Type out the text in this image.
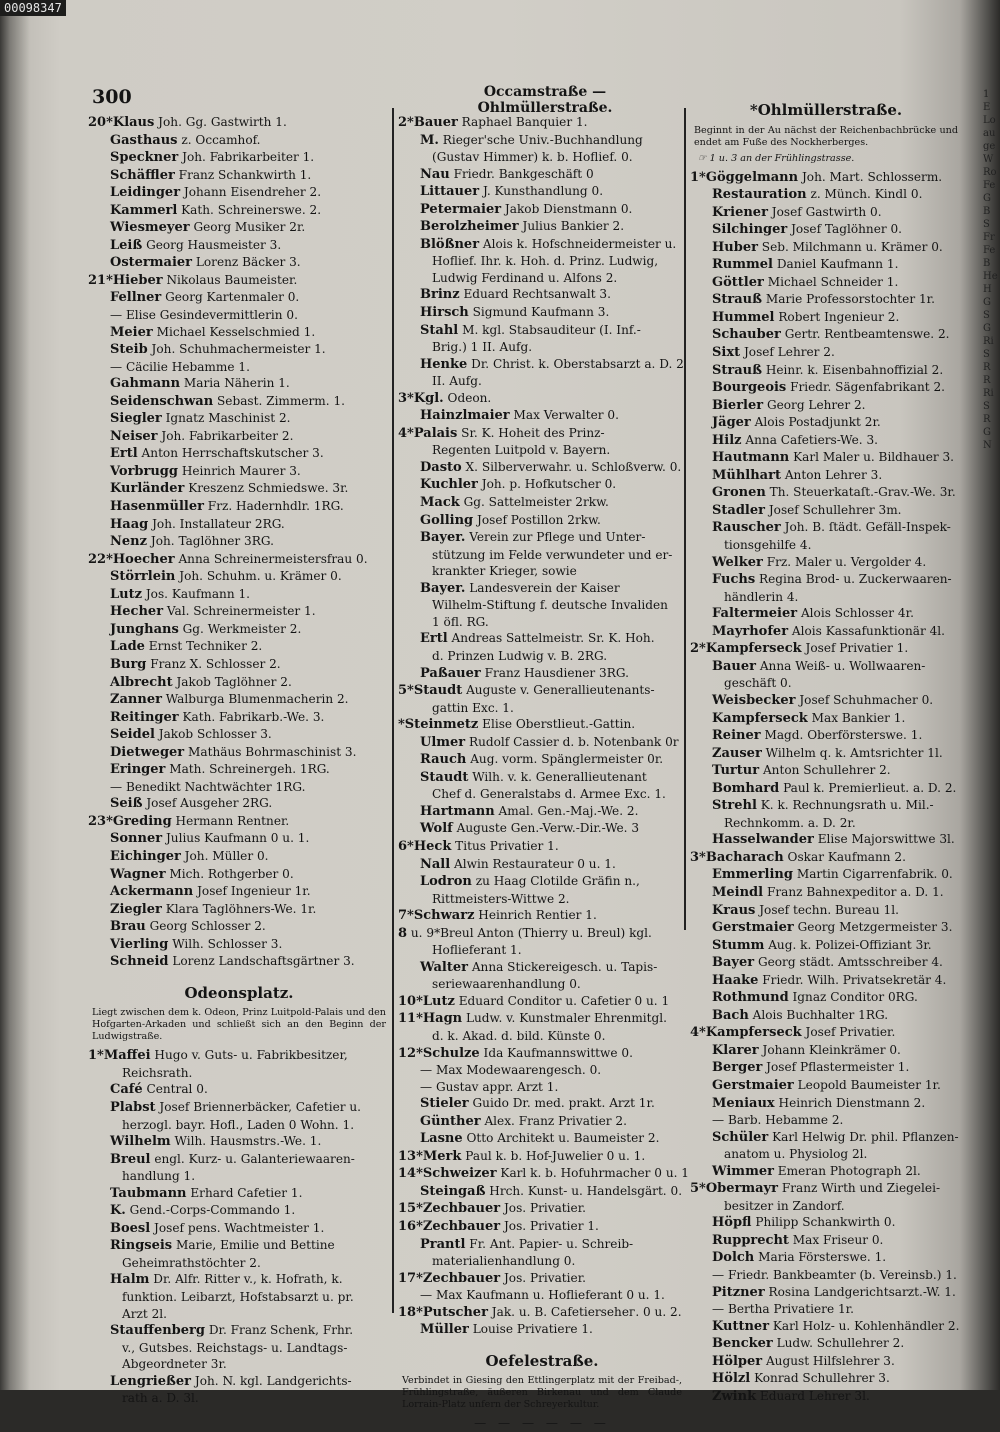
00098347
300	Occamstraße — Ohlmüllerstraße.
20*Klaus Joh. Gg. Gastwirth 1.
Gasthaus z. Occamhof.
Speckner Joh. Fabrikarbeiter 1.
Schäffler Franz Schankwirth 1.
Leidinger Johann Eisendreher 2.
Kammerl Kath. Schreinerswe. 2.
Wiesmeyer Georg Musiker 2r.
Leiß Georg Hausmeister 3.
Ostermaier Lorenz Bäcker 3.
21*Hieber Nikolaus Baumeister.
Fellner Georg Kartenmaler 0.
— Elise Gesindevermittlerin 0.
Meier Michael Kesselschmied 1.
Steib Joh. Schuhmachermeister 1.
— Cäcilie Hebamme 1.
Gahmann Maria Näherin 1.
Seidenschwan Sebast. Zimmerm. 1.
Siegler Ignatz Maschinist 2.
Neiser Joh. Fabrikarbeiter 2.
Ertl Anton Herrschaftskutscher 3.
Vorbrugg Heinrich Maurer 3.
Kurländer Kreszenz Schmiedswe. 3r.
Hasenmüller Frz. Hadernhdlr. 1RG.
Haag Joh. Installateur 2RG.
Nenz Joh. Taglöhner 3RG.
22*Hoecher Anna Schreinermeistersfrau 0.
Störrlein Joh. Schuhm. u. Krämer 0.
Lutz Jos. Kaufmann 1.
Hecher Val. Schreinermeister 1.
Junghans Gg. Werkmeister 2.
Lade Ernst Techniker 2.
Burg Franz X. Schlosser 2.
Albrecht Jakob Taglöhner 2.
Zanner Walburga Blumenmacherin 2.
Reitinger Kath. Fabrikarb.-We. 3.
Seidel Jakob Schlosser 3.
Dietweger Mathäus Bohrmaschinist 3.
Eringer Math. Schreinergeh. 1RG.
— Benedikt Nachtwächter 1RG.
Seiß Josef Ausgeher 2RG.
23*Greding Hermann Rentner.
Sonner Julius Kaufmann 0 u. 1.
Eichinger Joh. Müller 0.
Wagner Mich. Rothgerber 0.
Ackermann Josef Ingenieur 1r.
Ziegler Klara Taglöhners-We. 1r.
Brau Georg Schlosser 2.
Vierling Wilh. Schlosser 3.
Schneid Lorenz Landschaftsgärtner 3.
Odeonsplatz.
Liegt zwischen dem k. Odeon, Prinz Luitpold-Palais und den Hofgarten-Arkaden und schließt sich an den Beginn der Ludwigstraße.
1*Maffei Hugo v. Guts- u. Fabrikbesitzer,
Reichsrath.
Café Central 0.
Plabst Josef Briennerbäcker, Cafetier u.
herzogl. bayr. Hofl., Laden 0 Wohn. 1.
Wilhelm Wilh. Hausmstrs.-We. 1.
Breul engl. Kurz- u. Galanteriewaaren-
handlung 1.
Taubmann Erhard Cafetier 1.
K. Gend.-Corps-Commando 1.
Boesl Josef pens. Wachtmeister 1.
Ringseis Marie, Emilie und Bettine
Geheimrathstöchter 2.
Halm Dr. Alfr. Ritter v., k. Hofrath, k.
funktion. Leibarzt, Hofstabsarzt u. pr.
Arzt 2l.
Stauffenberg Dr. Franz Schenk, Frhr.
v., Gutsbes. Reichstags- u. Landtags-
Abgeordneter 3r.
Lengrießer Joh. N. kgl. Landgerichts-
rath a. D. 3l.
2*Bauer Raphael Banquier 1.
M. Rieger'sche Univ.-Buchhandlung
(Gustav Himmer) k. b. Hoflief. 0.
Nau Friedr. Bankgeschäft 0
Littauer J. Kunsthandlung 0.
Petermaier Jakob Dienstmann 0.
Berolzheimer Julius Bankier 2.
Blößner Alois k. Hofschneidermeister u.
Hoflief. Ihr. k. Hoh. d. Prinz. Ludwig,
Ludwig Ferdinand u. Alfons 2.
Brinz Eduard Rechtsanwalt 3.
Hirsch Sigmund Kaufmann 3.
Stahl M. kgl. Stabsauditeur (I. Inf.-
Brig.) 1 II. Aufg.
Henke Dr. Christ. k. Oberstabsarzt a. D. 2
II. Aufg.
3*Kgl. Odeon.
Hainzlmaier Max Verwalter 0.
4*Palais Sr. K. Hoheit des Prinz-
Regenten Luitpold v. Bayern.
Dasto X. Silberverwahr. u. Schloßverw. 0.
Kuchler Joh. p. Hofkutscher 0.
Mack Gg. Sattelmeister 2rkw.
Golling Josef Postillon 2rkw.
Bayer. Verein zur Pflege und Unter-
stützung im Felde verwundeter und er-
krankter Krieger, sowie
Bayer. Landesverein der Kaiser
Wilhelm-Stiftung f. deutsche Invaliden
1 öfl. RG.
Ertl Andreas Sattelmeistr. Sr. K. Hoh.
d. Prinzen Ludwig v. B. 2RG.
Paßauer Franz Hausdiener 3RG.
5*Staudt Auguste v. Generallieutenants-
gattin Exc. 1.
*Steinmetz Elise Oberstlieut.-Gattin.
Ulmer Rudolf Cassier d. b. Notenbank 0r
Rauch Aug. vorm. Spänglermeister 0r.
Staudt Wilh. v. k. Generallieutenant
Chef d. Generalstabs d. Armee Exc. 1.
Hartmann Amal. Gen.-Maj.-We. 2.
Wolf Auguste Gen.-Verw.-Dir.-We. 3
6*Heck Titus Privatier 1.
Nall Alwin Restaurateur 0 u. 1.
Lodron zu Haag Clotilde Gräfin n.,
Rittmeisters-Wittwe 2.
7*Schwarz Heinrich Rentier 1.
8 u. 9*Breul Anton (Thierry u. Breul) kgl.
Hoflieferant 1.
Walter Anna Stickereigesch. u. Tapis-
seriewaarenhandlung 0.
10*Lutz Eduard Conditor u. Cafetier 0 u. 1
11*Hagn Ludw. v. Kunstmaler Ehrenmitgl.
d. k. Akad. d. bild. Künste 0.
12*Schulze Ida Kaufmannswittwe 0.
— Max Modewaarengesch. 0.
— Gustav appr. Arzt 1.
Stieler Guido Dr. med. prakt. Arzt 1r.
Günther Alex. Franz Privatier 2.
Lasne Otto Architekt u. Baumeister 2.
13*Merk Paul k. b. Hof-Juwelier 0 u. 1.
14*Schweizer Karl k. b. Hofuhrmacher 0 u. 1
Steingaß Hrch. Kunst- u. Handelsgärt. 0.
15*Zechbauer Jos. Privatier.
16*Zechbauer Jos. Privatier 1.
Prantl Fr. Ant. Papier- u. Schreib-
materialienhandlung 0.
17*Zechbauer Jos. Privatier.
— Max Kaufmann u. Hoflieferant 0 u. 1.
18*Putscher Jak. u. B. Cafetiersehег. 0 u. 2.
Müller Louise Privatiere 1.
Oefelestraße.
Verbindet in Giesing den Ettlingerplatz mit der Freibad-, Frühlingstraße, äußeren Birkenau und dem Claude Lorrain-Platz unfern der Schreyerkultur.
— — — — — —
*Ohlmüllerstraße.
Beginnt in der Au nächst der Reichenbachbrücke und endet am Fuße des Nockherberges.
☞ 1 u. 3 an der Frühlingstrasse.
1*Göggelmann Joh. Mart. Schlosserm.
Restauration z. Münch. Kindl 0.
Kriener Josef Gastwirth 0.
Silchinger Josef Taglöhner 0.
Huber Seb. Milchmann u. Krämer 0.
Rummel Daniel Kaufmann 1.
Göttler Michael Schneider 1.
Strauß Marie Professorstochter 1r.
Hummel Robert Ingenieur 2.
Schauber Gertr. Rentbeamtenswe. 2.
Sixt Josef Lehrer 2.
Strauß Heinr. k. Eisenbahnoffizial 2.
Bourgeois Friedr. Sägenfabrikant 2.
Bierler Georg Lehrer 2.
Jäger Alois Postadjunkt 2r.
Hilz Anna Cafetiers-We. 3.
Hautmann Karl Maler u. Bildhauer 3.
Mühlhart Anton Lehrer 3.
Gronen Th. Steuerkataſt.-Grav.-We. 3r.
Stadler Josef Schullehrer 3m.
Rauscher Joh. B. ſtädt. Gefäll-Inspek-
tionsgehilfe 4.
Welker Frz. Maler u. Vergolder 4.
Fuchs Regina Brod- u. Zuckerwaaren-
händlerin 4.
Faltermeier Alois Schlosser 4r.
Mayrhofer Alois Kassafunktionär 4l.
2*Kampferseck Josef Privatier 1.
Bauer Anna Weiß- u. Wollwaaren-
geschäft 0.
Weisbecker Josef Schuhmacher 0.
Kampferseck Max Bankier 1.
Reiner Magd. Oberförsterswe. 1.
Zauser Wilhelm q. k. Amtsrichter 1l.
Turtur Anton Schullehrer 2.
Bomhard Paul k. Premierlieut. a. D. 2.
Strehl K. k. Rechnungsrath u. Mil.-
Rechnkomm. a. D. 2r.
Hasselwander Elise Majorswittwe 3l.
3*Bacharach Oskar Kaufmann 2.
Emmerling Martin Cigarrenfabrik. 0.
Meindl Franz Bahnexpeditor a. D. 1.
Kraus Josef techn. Bureau 1l.
Gerstmaier Georg Metzgermeister 3.
Stumm Aug. k. Polizei-Offiziant 3r.
Bayer Georg städt. Amtsschreiber 4.
Haake Friedr. Wilh. Privatsekretär 4.
Rothmund Ignaz Conditor 0RG.
Bach Alois Buchhalter 1RG.
4*Kampferseck Josef Privatier.
Klarer Johann Kleinkrämer 0.
Berger Josef Pflastermeister 1.
Gerstmaier Leopold Baumeister 1r.
Meniaux Heinrich Dienstmann 2.
— Barb. Hebamme 2.
Schüler Karl Helwig Dr. phil. Pflanzen-
anatom u. Physiolog 2l.
Wimmer Emeran Photograph 2l.
5*Obermayr Franz Wirth und Ziegelei-
besitzer in Zandorf.
Höpfl Philipp Schankwirth 0.
Rupprecht Max Friseur 0.
Dolch Maria Försterswe. 1.
— Friedr. Bankbeamter (b. Vereinsb.) 1.
Pitzner Rosina Landgerichtsarzt.-W. 1.
— Bertha Privatiere 1r.
Kuttner Karl Holz- u. Kohlenhändler 2.
Bencker Ludw. Schullehrer 2.
Hölper August Hilfslehrer 3.
Hölzl Konrad Schullehrer 3.
Zwink Eduard Lehrer 3l.
1 E
Lo
au
ge
W
Ro
Fe
G
B
S
Fr
Fe
B
He
H
G
S
G
Ri
S
R
R
Ri
S
R
G
N
